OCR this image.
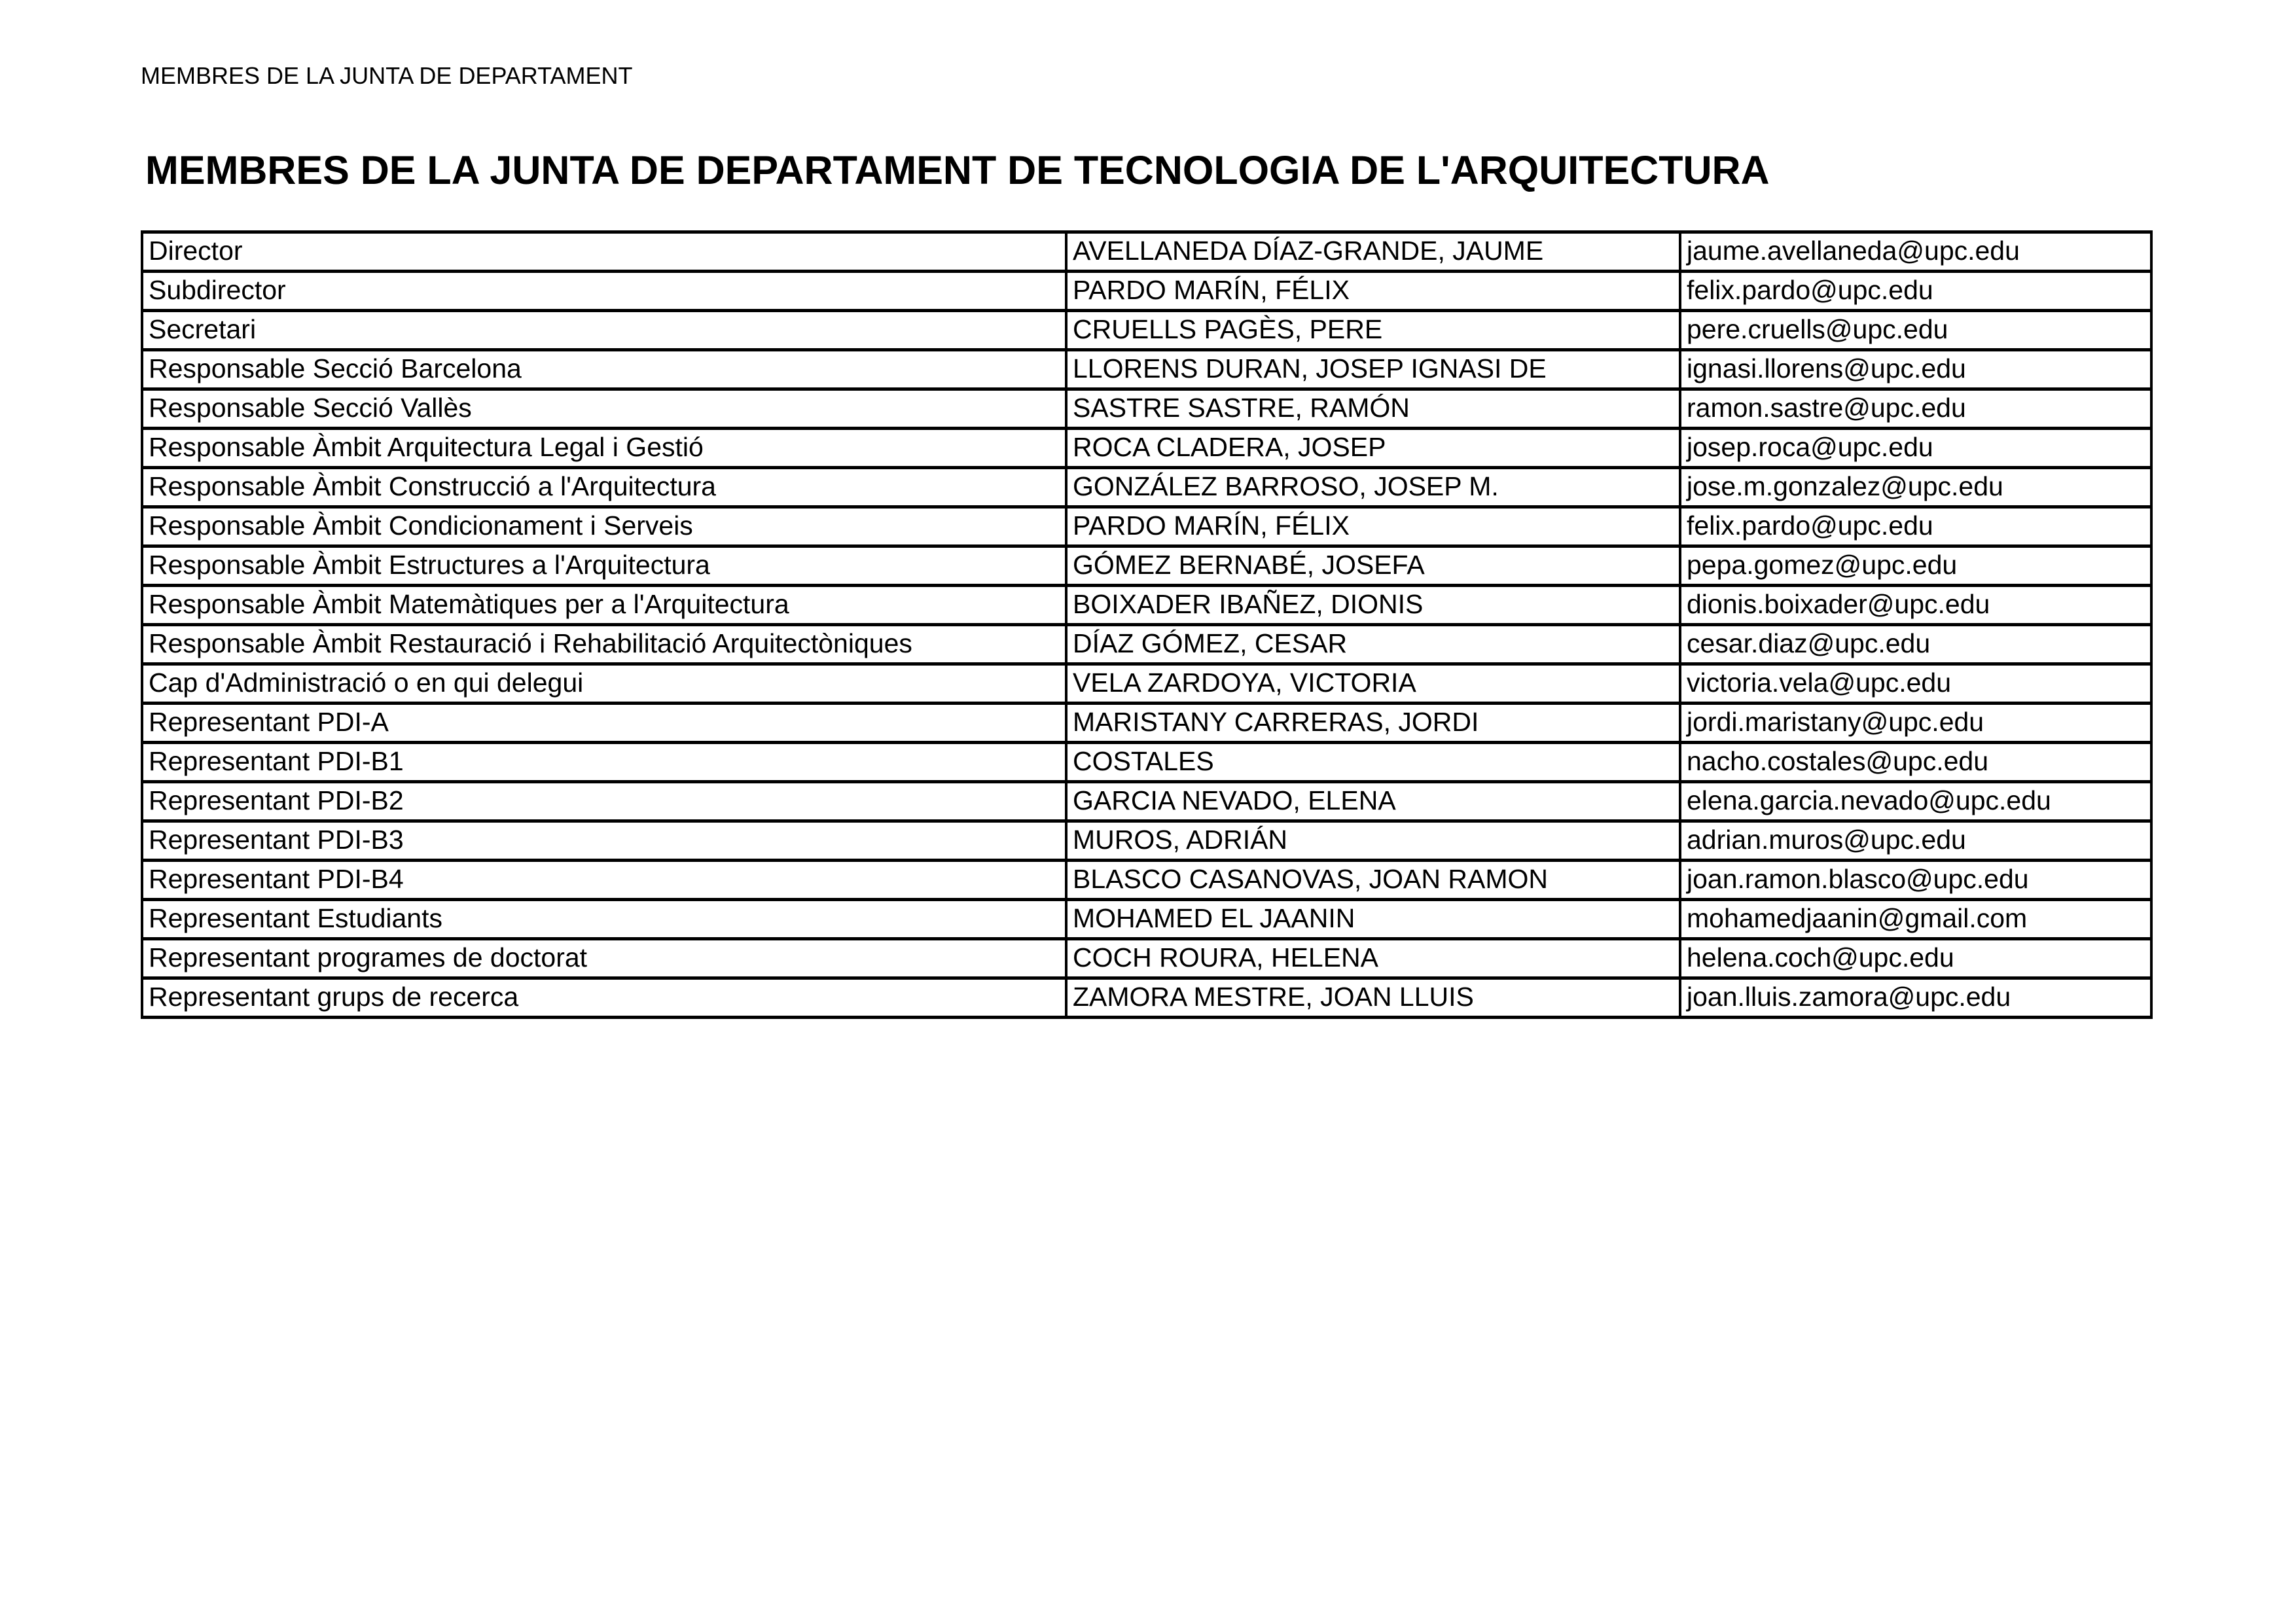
MEMBRES DE LA JUNTA DE DEPARTAMENT
MEMBRES DE LA JUNTA DE DEPARTAMENT DE TECNOLOGIA DE L'ARQUITECTURA
Director	AVELLANEDA DÍAZ-GRANDE, JAUME	jaume.avellaneda@upc.edu
Subdirector	PARDO MARÍN, FÉLIX	felix.pardo@upc.edu
Secretari	CRUELLS PAGÈS, PERE	pere.cruells@upc.edu
Responsable Secció Barcelona	LLORENS DURAN, JOSEP IGNASI DE	ignasi.llorens@upc.edu
Responsable Secció Vallès	SASTRE SASTRE, RAMÓN	ramon.sastre@upc.edu
Responsable Àmbit Arquitectura Legal i Gestió	ROCA CLADERA, JOSEP	josep.roca@upc.edu
Responsable Àmbit Construcció a l'Arquitectura	GONZÁLEZ BARROSO, JOSEP M.	jose.m.gonzalez@upc.edu
Responsable Àmbit Condicionament i Serveis	PARDO MARÍN, FÉLIX	felix.pardo@upc.edu
Responsable Àmbit Estructures a l'Arquitectura	GÓMEZ BERNABÉ, JOSEFA	pepa.gomez@upc.edu
Responsable Àmbit Matemàtiques per a l'Arquitectura	BOIXADER IBAÑEZ, DIONIS	dionis.boixader@upc.edu
Responsable Àmbit Restauració i Rehabilitació Arquitectòniques	DÍAZ GÓMEZ, CESAR	cesar.diaz@upc.edu
Cap d'Administració o en qui delegui	VELA ZARDOYA, VICTORIA	victoria.vela@upc.edu
Representant PDI-A	MARISTANY CARRERAS, JORDI	jordi.maristany@upc.edu
Representant PDI-B1	COSTALES	nacho.costales@upc.edu
Representant PDI-B2	GARCIA NEVADO, ELENA	elena.garcia.nevado@upc.edu
Representant PDI-B3	MUROS, ADRIÁN	adrian.muros@upc.edu
Representant PDI-B4	BLASCO CASANOVAS, JOAN RAMON	joan.ramon.blasco@upc.edu
Representant Estudiants	MOHAMED EL JAANIN	mohamedjaanin@gmail.com
Representant programes de doctorat	COCH ROURA, HELENA	helena.coch@upc.edu
Representant grups de recerca	ZAMORA MESTRE, JOAN LLUIS	joan.lluis.zamora@upc.edu
